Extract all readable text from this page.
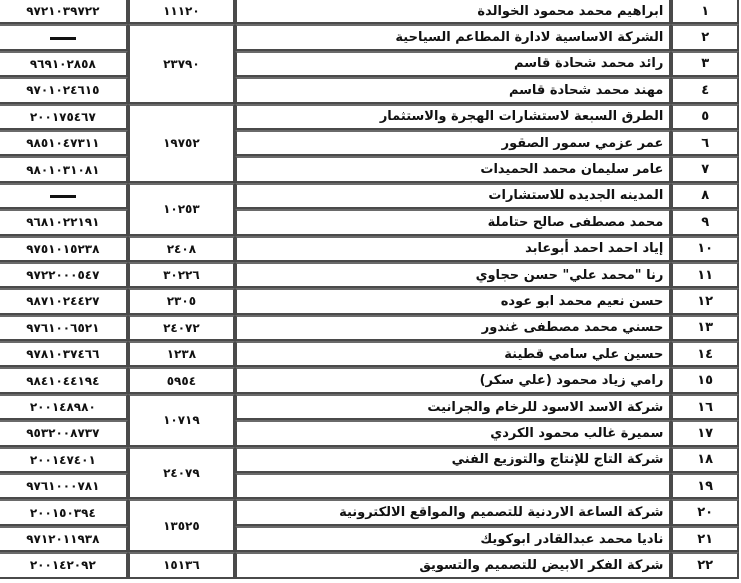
١	ابراهيم محمد محمود الخوالدة	١١١٢٠	٩٧٢١٠٣٩٧٢٢
٢	الشركة الاساسية لادارة المطاعم السياحية	٢٣٧٩٠	
٣	رائد محمد شحادة قاسم		٩٦٩١٠٢٨٥٨
٤	مهند محمد شحادة قاسم		٩٧٠١٠٢٤٦١٥
٥	الطرق السبعة لاستشارات الهجرة والاستثمار	١٩٧٥٢	٢٠٠١٧٥٤٦٧
٦	عمر عزمي سمور الصقور		٩٨٥١٠٤٧٣١١
٧	عامر سليمان محمد الحميدات		٩٨٠١٠٣١٠٨١
٨	المدينه الجديده للاستشارات	١٠٢٥٣	
٩	محمد مصطفى صالح حتاملة		٩٦٨١٠٢٢١٩١
١٠	إياد احمد احمد أبوعابد	٢٤٠٨	٩٧٥١٠١٥٢٣٨
١١	رنا "محمد علي" حسن حجاوي	٣٠٢٢٦	٩٧٢٢٠٠٠٥٤٧
١٢	حسن نعيم محمد ابو عوده	٢٣٠٥	٩٨٧١٠٢٤٤٢٧
١٣	حسني محمد مصطفى غندور	٢٤٠٧٢	٩٧٦١٠٠٦٥٢١
١٤	حسين علي سامي قطينة	١٢٣٨	٩٧٨١٠٣٧٤٦٦
١٥	رامي زياد محمود (علي سكر)	٥٩٥٤	٩٨٤١٠٤٤١٩٤
١٦	شركة الاسد الاسود للرخام والجرانيت	١٠٧١٩	٢٠٠١٤٨٩٨٠
١٧	سميرة غالب محمود الكردي		٩٥٣٢٠٠٨٧٣٧
١٨	شركة التاج للإنتاج والتوزيع الفني	٢٤٠٧٩	٢٠٠١٤٧٤٠١
١٩			٩٧٦١٠٠٠٧٨١
٢٠	شركة الساعة الاردنية للتصميم والمواقع الالكترونية	١٣٥٢٥	٢٠٠١٥٠٣٩٤
٢١	ناديا محمد عبدالقادر ابوكويك		٩٧١٢٠١١٩٣٨
٢٢	شركة الفكر الابيض للتصميم والتسويق	١٥١٣٦	٢٠٠١٤٢٠٩٢
